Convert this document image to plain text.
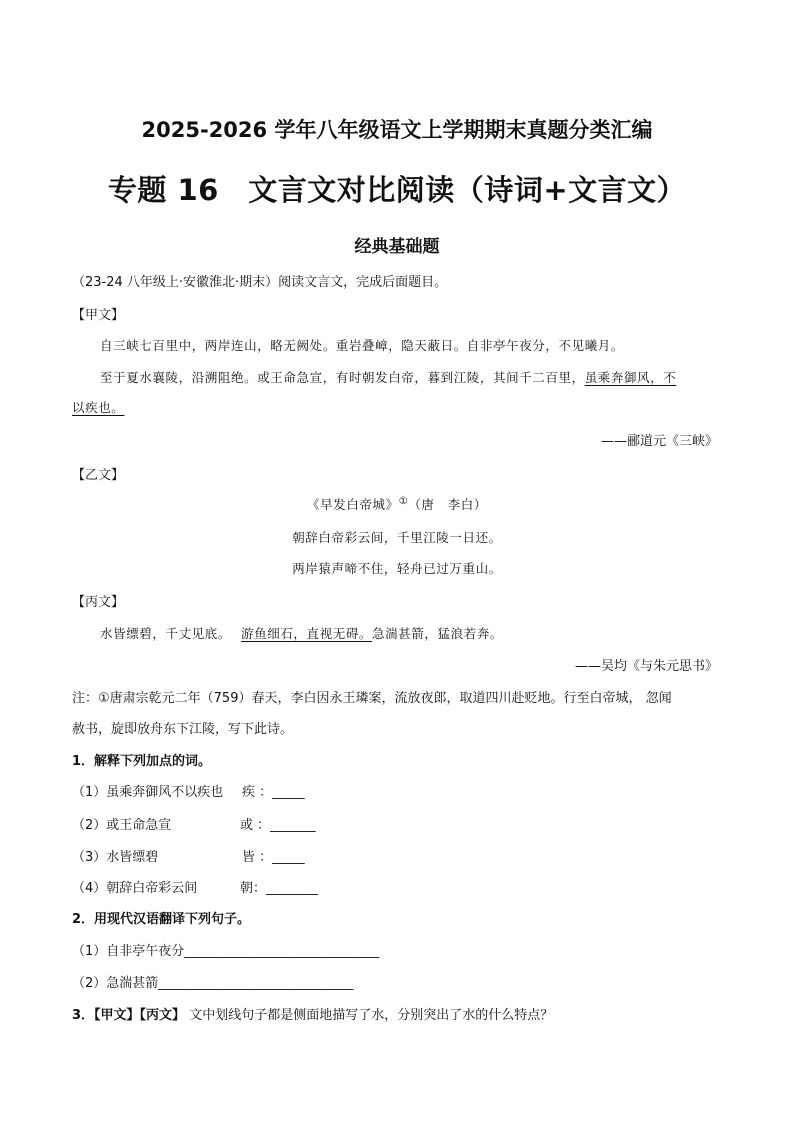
2025-2026 学年八年级语文上学期期末真题分类汇编
专题 16　文言文对比阅读（诗词+文言文）
经典基础题
（23-24 八年级上·安徽淮北·期末）阅读文言文，完成后面题目。
【甲文】
自三峡七百里中，两岸连山，略无阙处。重岩叠嶂，隐天蔽日。自非亭午夜分，不见曦月。
至于夏水襄陵，沿溯阻绝。或王命急宣，有时朝发白帝，暮到江陵，其间千二百里，虽乘奔御风，不
以疾也。
——郦道元《三峡》
【乙文】
《早发白帝城》①（唐　李白）
朝辞白帝彩云间，千里江陵一日还。
两岸猿声啼不住，轻舟已过万重山。
【丙文】
水皆缥碧，千丈见底。 游鱼细石，直视无碍。急湍甚箭，猛浪若奔。
——吴均《与朱元思书》
注：①唐肃宗乾元二年（759）春天，李白因永王璘案，流放夜郎，取道四川赴贬地。行至白帝城， 忽闻
赦书，旋即放舟东下江陵，写下此诗。
1．解释下列加点的词。
（1）虽乘奔御风不以疾也 疾 ：_____
（2）或王命急宣	或 ：_______
（3）水皆缥碧	皆 ：_____
（4）朝辞白帝彩云间	朝：________
2．用现代汉语翻译下列句子。
（1）自非亭午夜分______________________________
（2）急湍甚箭______________________________
3．【甲文】【丙文】 文中划线句子都是侧面地描写了水，分别突出了水的什么特点？
